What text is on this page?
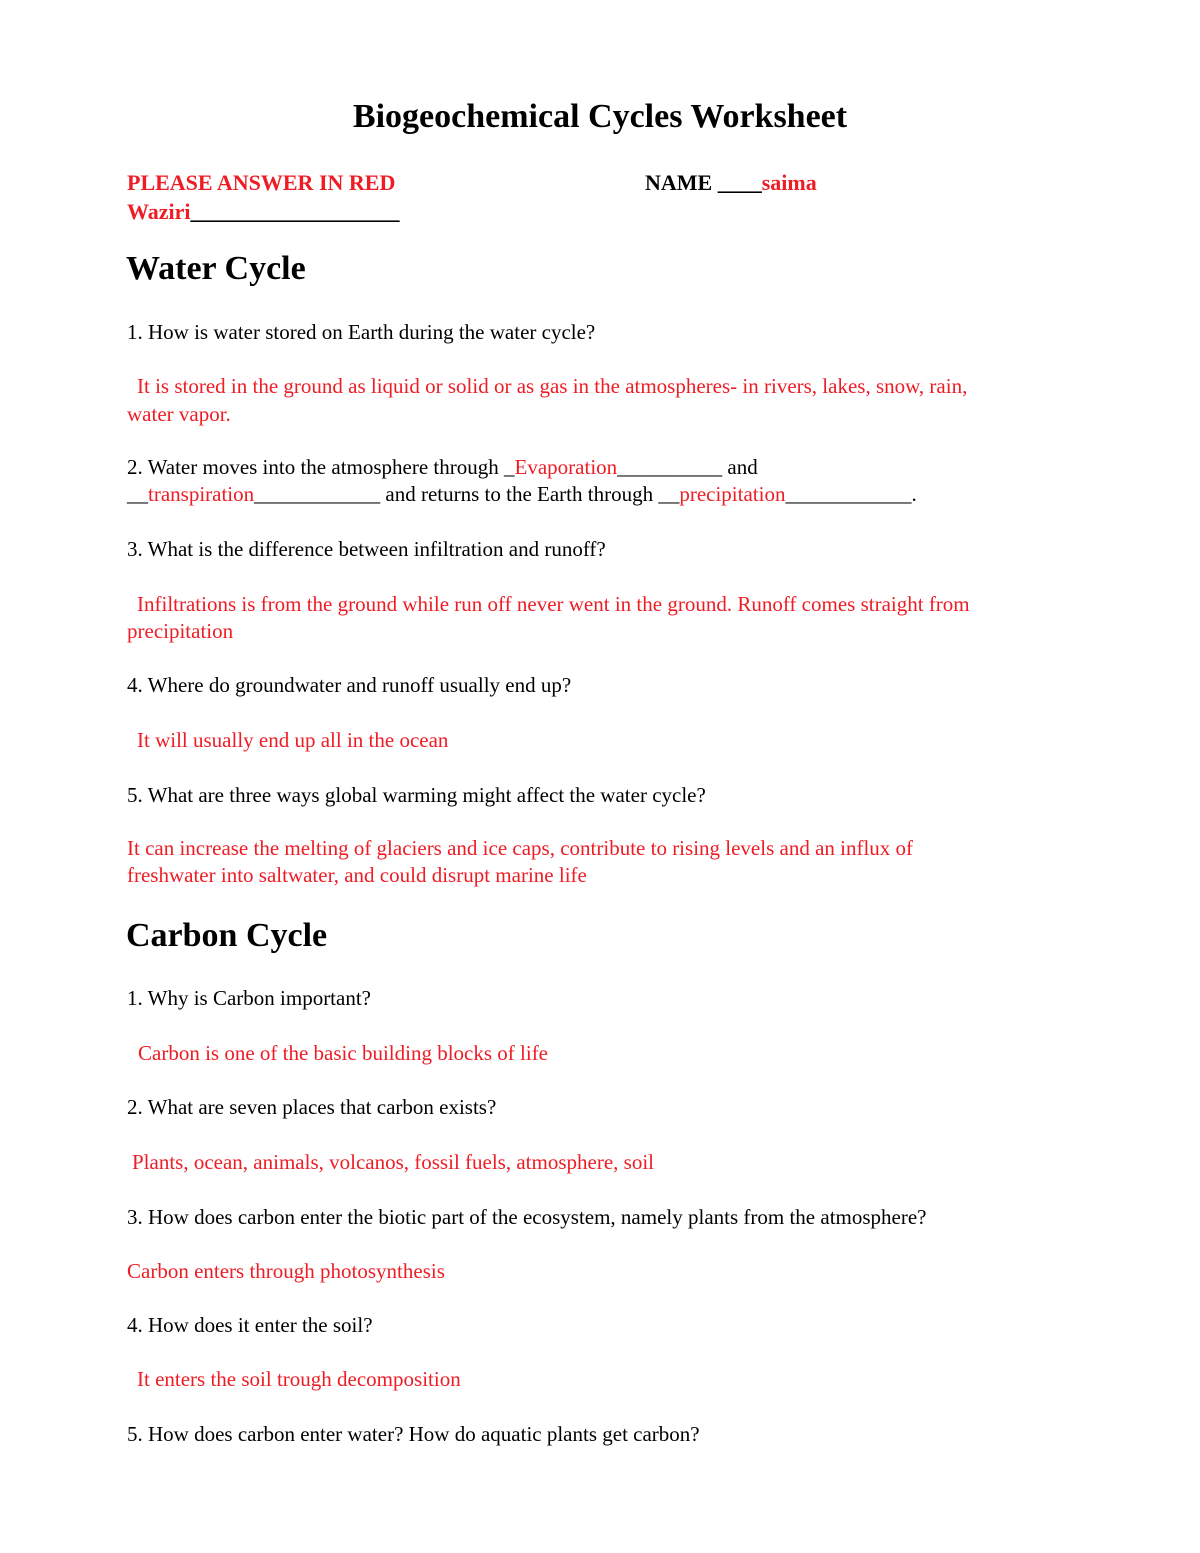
Biogeochemical Cycles Worksheet
PLEASE ANSWER IN RED	NAME ____saima
Waziri___________________
Water Cycle
1. How is water stored on Earth during the water cycle?
It is stored in the ground as liquid or solid or as gas in the atmospheres- in rivers, lakes, snow, rain,
water vapor.
2. Water moves into the atmosphere through _Evaporation__________ and
__transpiration____________ and returns to the Earth through __precipitation____________.
3. What is the difference between infiltration and runoff?
Infiltrations is from the ground while run off never went in the ground. Runoff comes straight from
precipitation
4. Where do groundwater and runoff usually end up?
It will usually end up all in the ocean
5. What are three ways global warming might affect the water cycle?
It can increase the melting of glaciers and ice caps, contribute to rising levels and an influx of
freshwater into saltwater, and could disrupt marine life
Carbon Cycle
1. Why is Carbon important?
Carbon is one of the basic building blocks of life
2. What are seven places that carbon exists?
Plants, ocean, animals, volcanos, fossil fuels, atmosphere, soil
3. How does carbon enter the biotic part of the ecosystem, namely plants from the atmosphere?
Carbon enters through photosynthesis
4. How does it enter the soil?
It enters the soil trough decomposition
5. How does carbon enter water? How do aquatic plants get carbon?
